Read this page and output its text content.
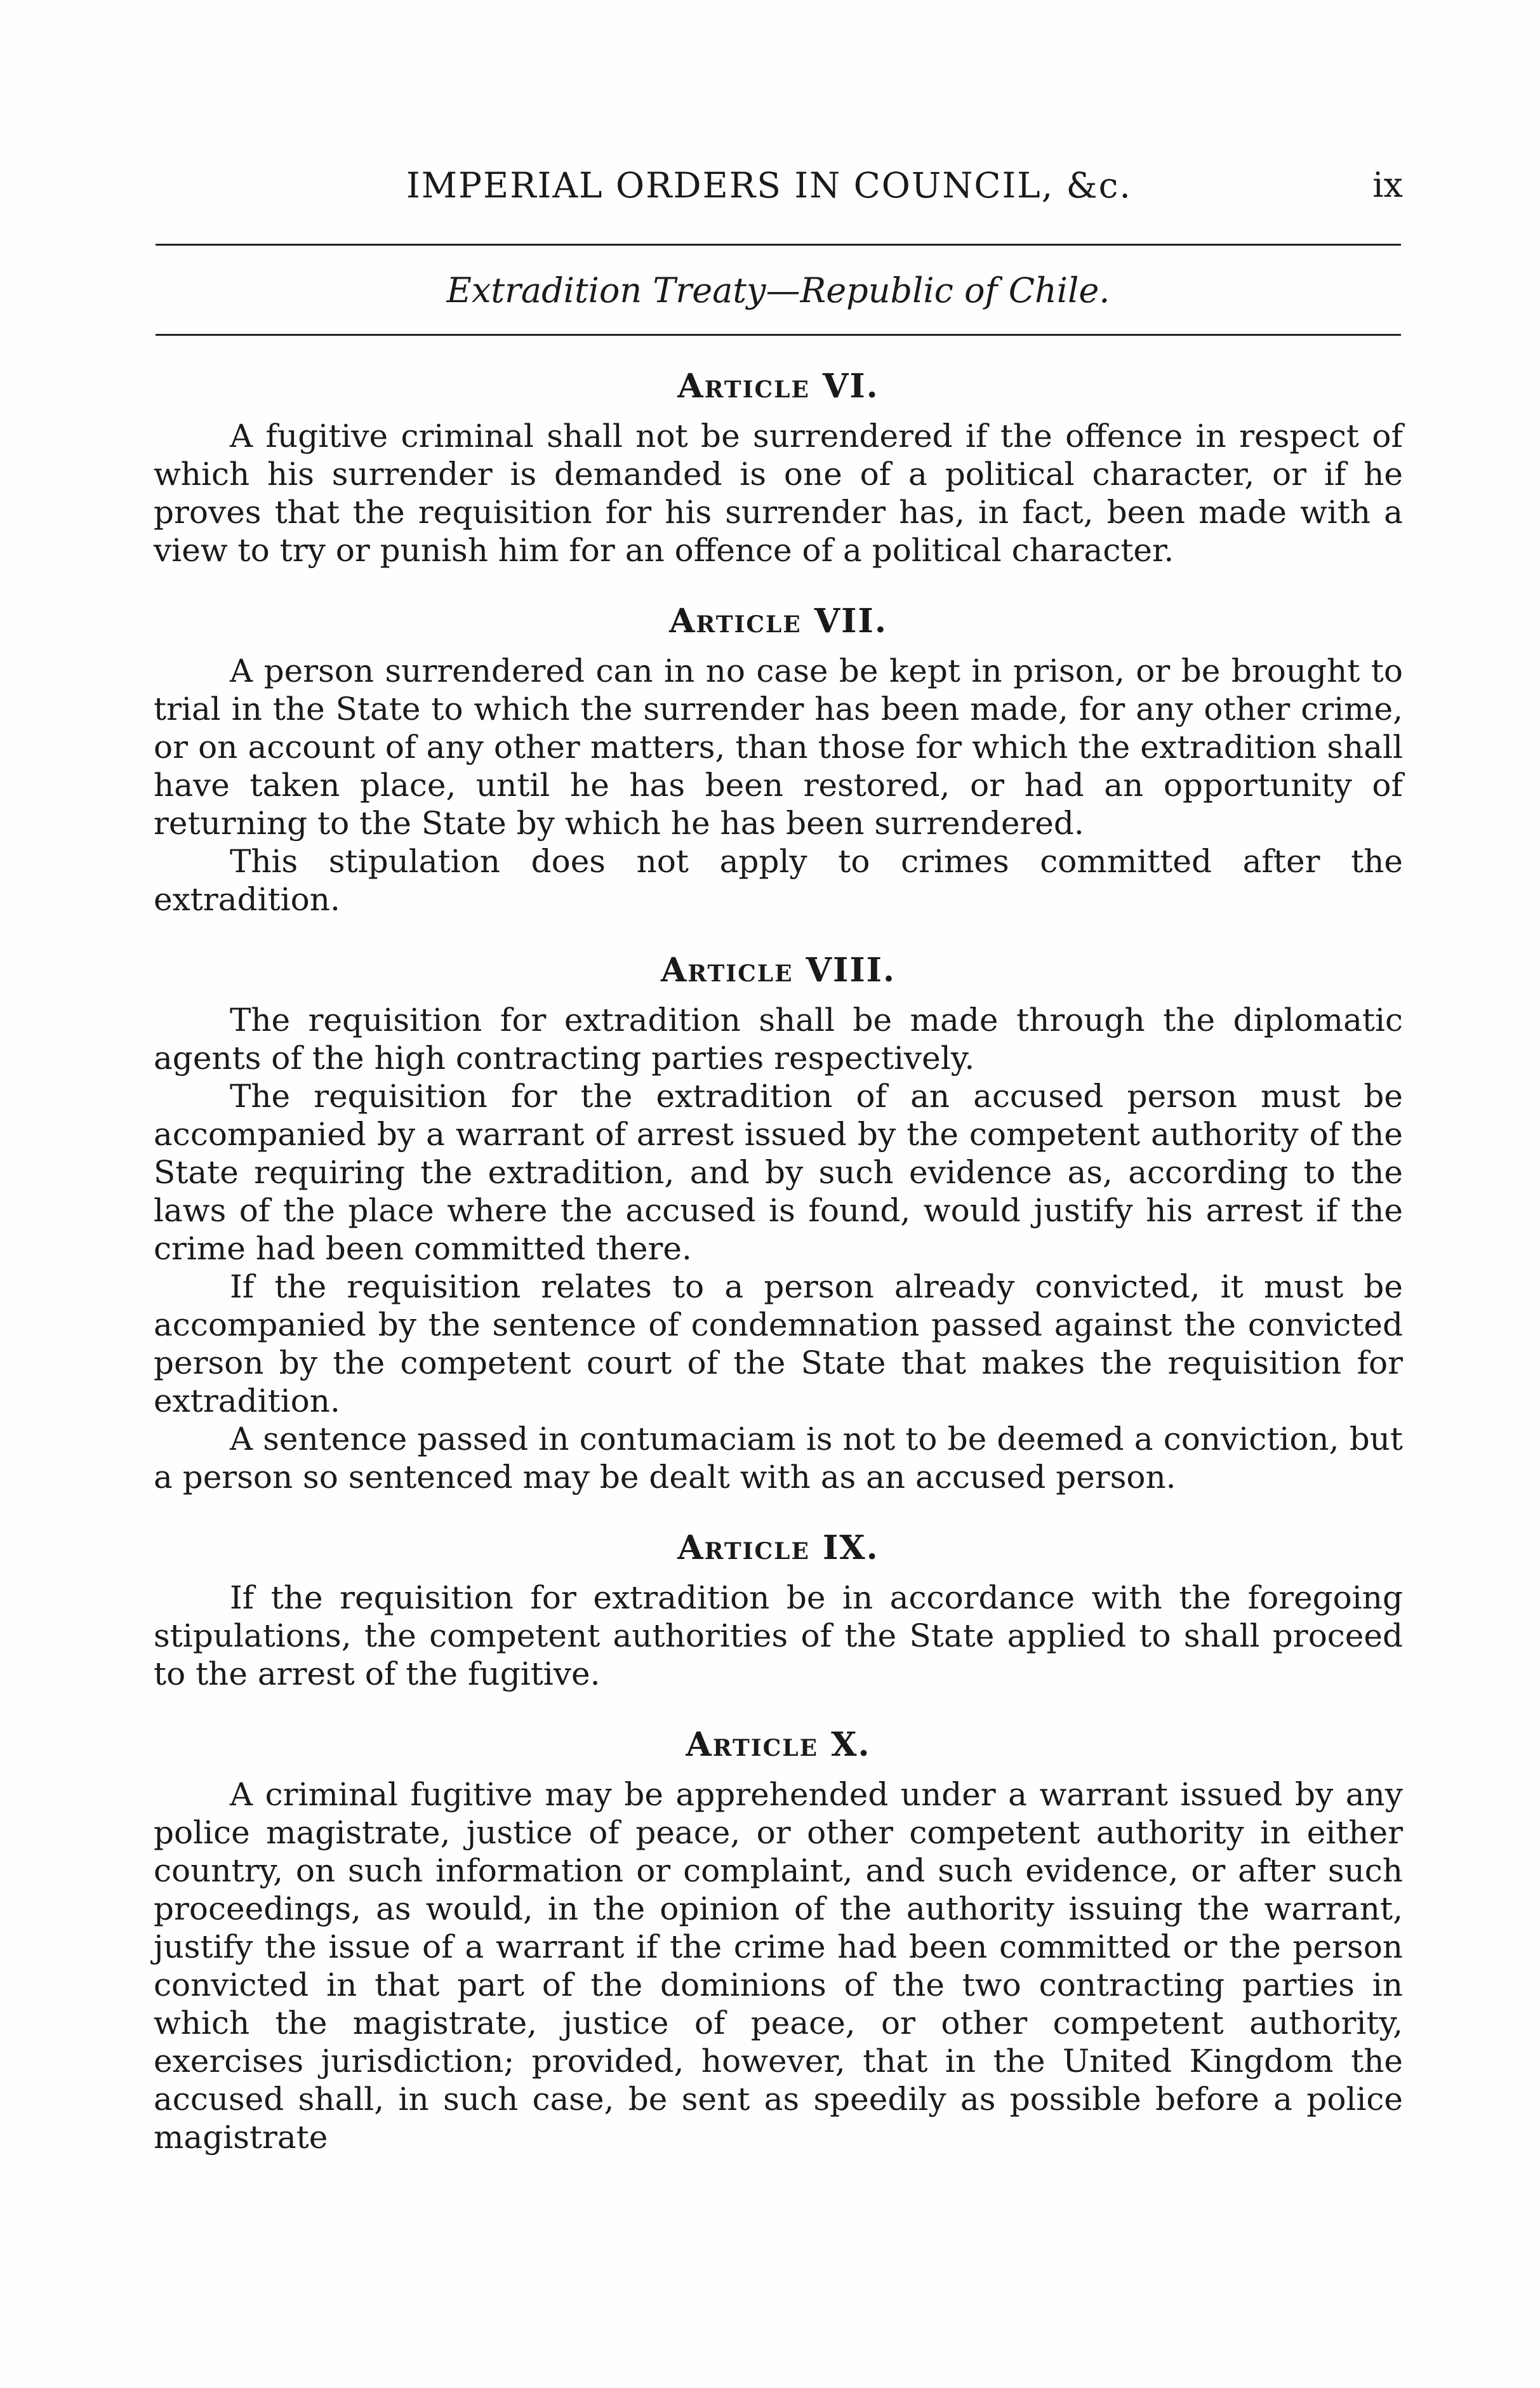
IMPERIAL ORDERS IN COUNCIL, &c.	ix
Extradition Treaty—Republic of Chile.
Article VI.

A fugitive criminal shall not be surrendered if the offence in respect of which his surrender is demanded is one of a political character, or if he proves that the requisition for his surrender has, in fact, been made with a view to try or punish him for an offence of a political character.

Article VII.

A person surrendered can in no case be kept in prison, or be brought to trial in the State to which the surrender has been made, for any other crime, or on account of any other matters, than those for which the extradition shall have taken place, until he has been restored, or had an opportunity of returning to the State by which he has been surrendered.

This stipulation does not apply to crimes committed after the extradition.

Article VIII.

The requisition for extradition shall be made through the diplomatic agents of the high contracting parties respectively.

The requisition for the extradition of an accused person must be accompanied by a warrant of arrest issued by the competent authority of the State requiring the extradition, and by such evidence as, according to the laws of the place where the accused is found, would justify his arrest if the crime had been committed there.

If the requisition relates to a person already convicted, it must be accompanied by the sentence of condemnation passed against the convicted person by the competent court of the State that makes the requisition for extradition.

A sentence passed in contumaciam is not to be deemed a conviction, but a person so sentenced may be dealt with as an accused person.

Article IX.

If the requisition for extradition be in accordance with the foregoing stipulations, the competent authorities of the State applied to shall proceed to the arrest of the fugitive.

Article X.

A criminal fugitive may be apprehended under a warrant issued by any police magistrate, justice of peace, or other competent authority in either country, on such information or complaint, and such evidence, or after such proceedings, as would, in the opinion of the authority issuing the warrant, justify the issue of a warrant if the crime had been committed or the person convicted in that part of the dominions of the two contracting parties in which the magistrate, justice of peace, or other competent authority, exercises jurisdiction; provided, however, that in the United Kingdom the accused shall, in such case, be sent as speedily as possible before a police magistrate
